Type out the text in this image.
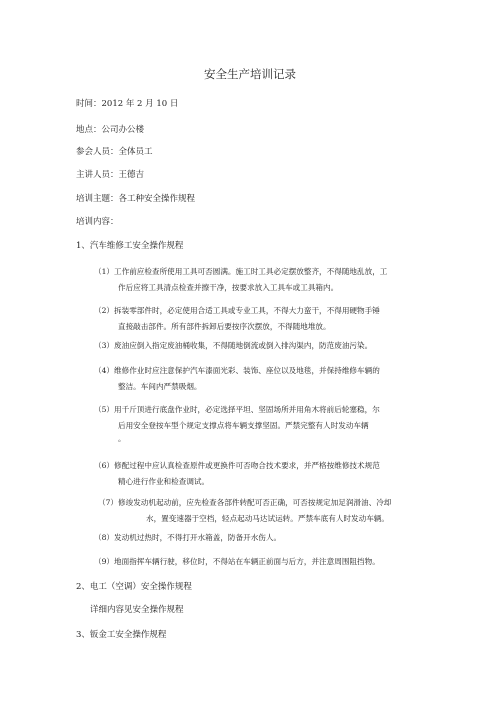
安全生产培训记录
时间：2012 年 2 月 10 日
地点：公司办公楼
参会人员：全体员工
主讲人员：王德吉
培训主题：各工种安全操作规程
培训内容：
1、汽车维修工安全操作规程
（1）工作前应检查所使用工具可否圆满。施工时工具必定摆放整齐，不得随地乱放，工
作后应将工具清点检查并擦干净，按要求放入工具车或工具箱内。
（2）拆装零部件时，必定使用合适工具或专业工具，不得大力蛮干，不得用硬物手锤
直接敲击部件。所有部件拆卸后要按序次摆放，不得随地堆放。
（3）废油应倒入指定废油桶收集，不得随地倒流或倒入排沟渠内，防范废油污染。
（4）维修作业时应注意保护汽车漆面光彩、装饰、座位以及地毯，并保持维修车辆的
整洁。车间内严禁吸烟。
（5）用千斤顶进行底盘作业时，必定选择平坦、坚固场所并用角木将前后轮塞稳，尔
后用安全登按车型个规定支撑点将车辆支撑坚固。严禁完整有人时发动车辆
。
（6）修配过程中应认真检查原件或更换件可否吻合技术要求，并严格按维修技术规范
精心进行作业和检查调试。
（7）修竣发动机起动前，应先检查各部件转配可否正确，可否按规定加足润滑油、冷却
水，置变速器于空档，轻点起动马达试运转。严禁车底有人时发动车辆。
（8）发动机过热时，不得打开水箱盖，防备开水伤人。
（9）地面指挥车辆行驶，移位时，不得站在车辆正前面与后方，并注意周围阻挡物。
2、电工（空调）安全操作规程
详细内容见安全操作规程
3、钣金工安全操作规程
